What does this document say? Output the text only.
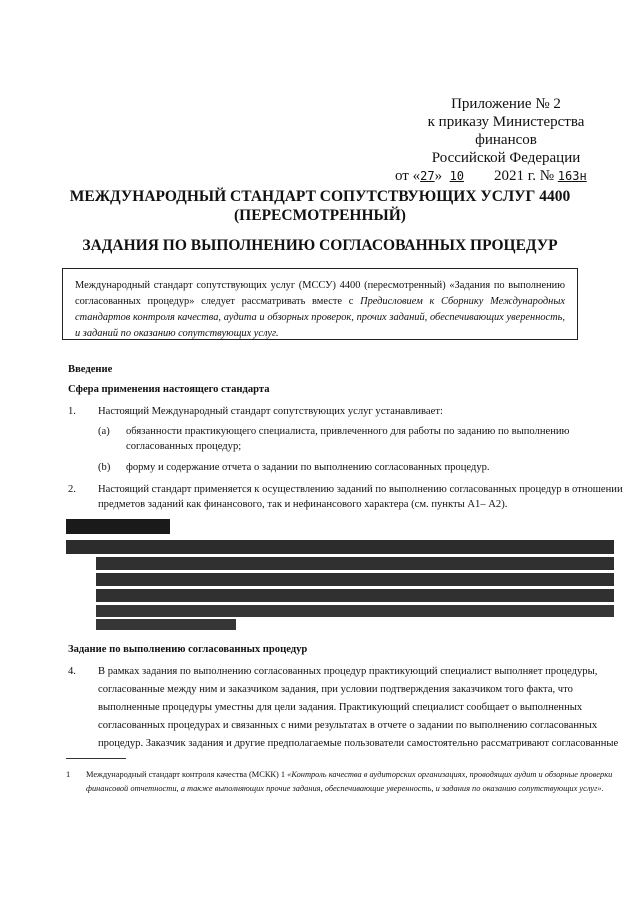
Приложение № 2
к приказу Министерства финансов
Российской Федерации
от «27» 10 2021 г. № 163н
МЕЖДУНАРОДНЫЙ СТАНДАРТ СОПУТСТВУЮЩИХ УСЛУГ 4400
(ПЕРЕСМОТРЕННЫЙ)
ЗАДАНИЯ ПО ВЫПОЛНЕНИЮ СОГЛАСОВАННЫХ ПРОЦЕДУР
Международный стандарт сопутствующих услуг (МССУ) 4400 (пересмотренный) «Задания по выполнению согласованных процедур» следует рассматривать вместе с Предисловием к Сборнику Международных стандартов контроля качества, аудита и обзорных проверок, прочих заданий, обеспечивающих уверенность, и заданий по оказанию сопутствующих услуг.
Введение
Сфера применения настоящего стандарта
1. Настоящий Международный стандарт сопутствующих услуг устанавливает:
(a) обязанности практикующего специалиста, привлеченного для работы по заданию по выполнению
согласованных процедур;
(b) форму и содержание отчета о задании по выполнению согласованных процедур.
2. Настоящий стандарт применяется к осуществлению заданий по выполнению согласованных процедур в отношении
предметов заданий как финансового, так и нефинансового характера (см. пункты А1– А2).
Задание по выполнению согласованных процедур
4. В рамках задания по выполнению согласованных процедур практикующий специалист выполняет процедуры,
согласованные между ним и заказчиком задания, при условии подтверждения заказчиком того факта, что
выполненные процедуры уместны для цели задания. Практикующий специалист сообщает о выполненных
согласованных процедурах и связанных с ними результатах в отчете о задании по выполнению согласованных
процедур. Заказчик задания и другие предполагаемые пользователи самостоятельно рассматривают согласованные
1 Международный стандарт контроля качества (МСКК) 1 «Контроль качества в аудиторских организациях, проводящих аудит и обзорные проверки
финансовой отчетности, а также выполняющих прочие задания, обеспечивающие уверенность, и задания по оказанию сопутствующих услуг».
